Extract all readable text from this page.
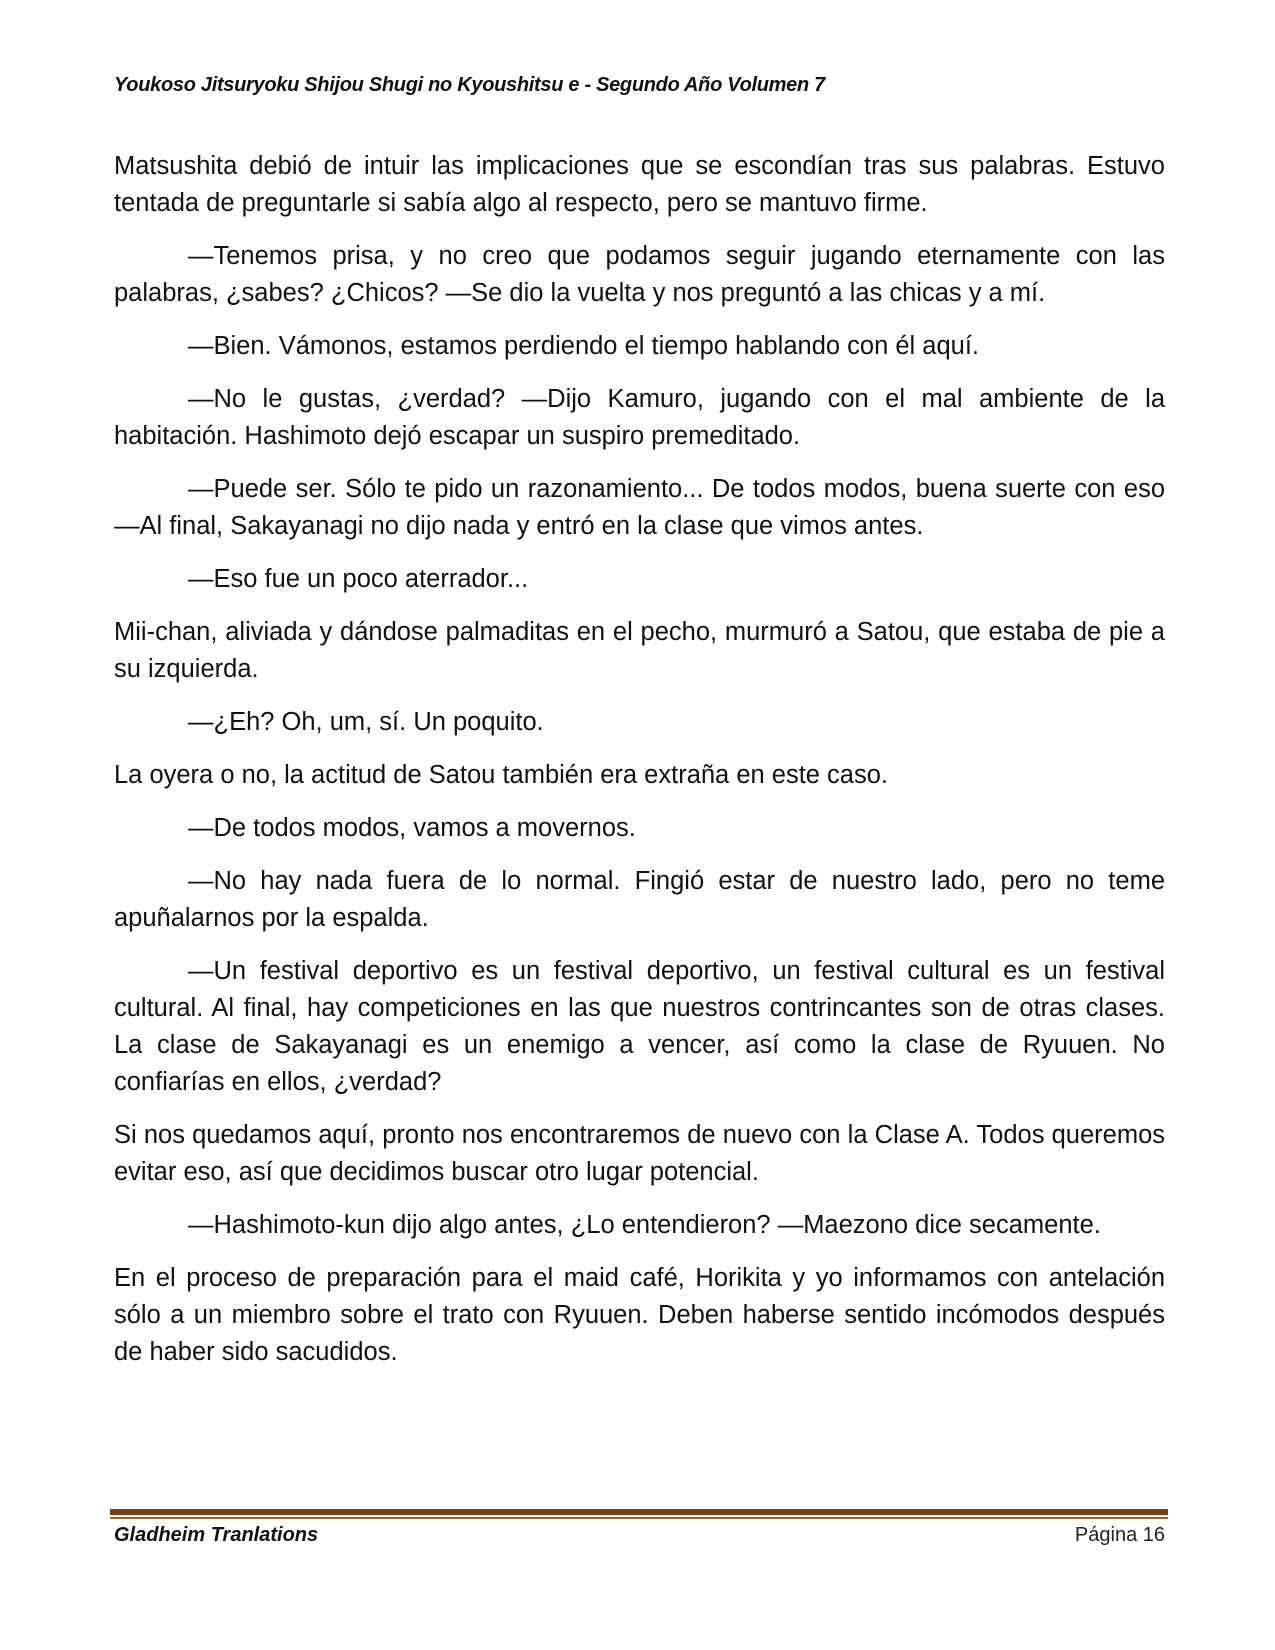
Youkoso Jitsuryoku Shijou Shugi no Kyoushitsu e - Segundo Año Volumen 7

Matsushita debió de intuir las implicaciones que se escondían tras sus palabras. Estuvo tentada de preguntarle si sabía algo al respecto, pero se mantuvo firme.

—Tenemos prisa, y no creo que podamos seguir jugando eternamente con las palabras, ¿sabes? ¿Chicos? —Se dio la vuelta y nos preguntó a las chicas y a mí.

—Bien. Vámonos, estamos perdiendo el tiempo hablando con él aquí.

—No le gustas, ¿verdad? —Dijo Kamuro, jugando con el mal ambiente de la habitación. Hashimoto dejó escapar un suspiro premeditado.

—Puede ser. Sólo te pido un razonamiento... De todos modos, buena suerte con eso —Al final, Sakayanagi no dijo nada y entró en la clase que vimos antes.

—Eso fue un poco aterrador...

Mii-chan, aliviada y dándose palmaditas en el pecho, murmuró a Satou, que estaba de pie a su izquierda.

—¿Eh? Oh, um, sí. Un poquito.

La oyera o no, la actitud de Satou también era extraña en este caso.

—De todos modos, vamos a movernos.

—No hay nada fuera de lo normal. Fingió estar de nuestro lado, pero no teme apuñalarnos por la espalda.

—Un festival deportivo es un festival deportivo, un festival cultural es un festival cultural. Al final, hay competiciones en las que nuestros contrincantes son de otras clases. La clase de Sakayanagi es un enemigo a vencer, así como la clase de Ryuuen. No confiarías en ellos, ¿verdad?

Si nos quedamos aquí, pronto nos encontraremos de nuevo con la Clase A. Todos queremos evitar eso, así que decidimos buscar otro lugar potencial.

—Hashimoto-kun dijo algo antes, ¿Lo entendieron? —Maezono dice secamente.

En el proceso de preparación para el maid café, Horikita y yo informamos con antelación sólo a un miembro sobre el trato con Ryuuen. Deben haberse sentido incómodos después de haber sido sacudidos.

Gladheim Tranlations	Página 16
